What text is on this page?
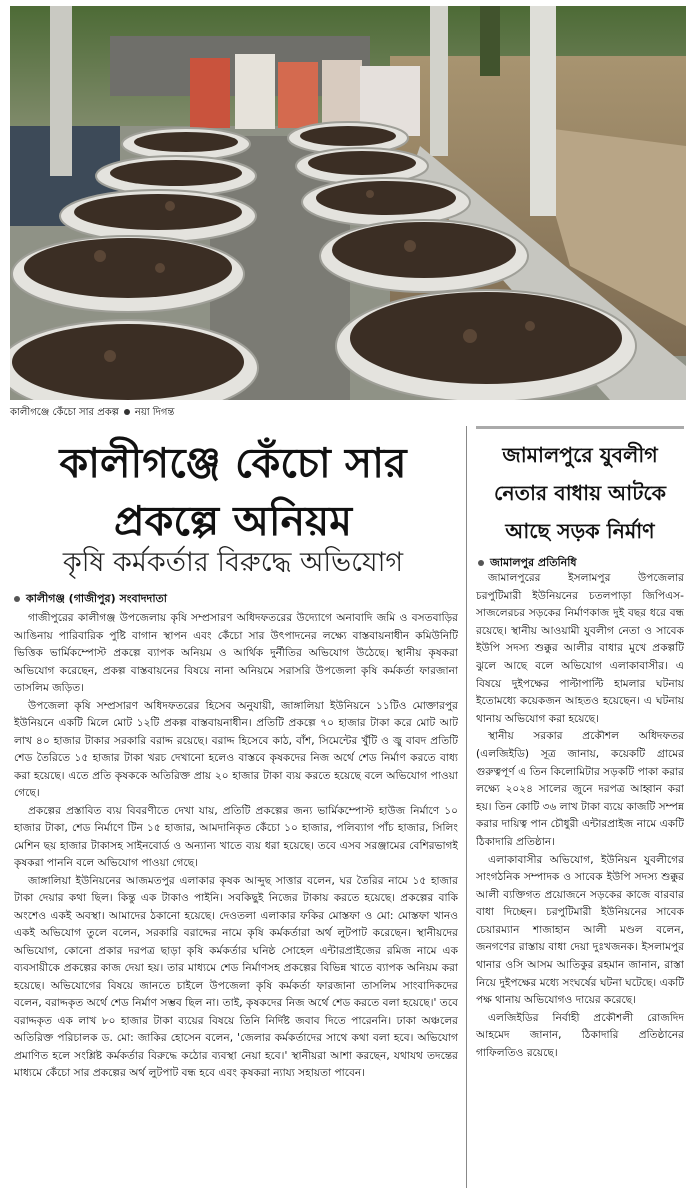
কালীগঞ্জে কেঁচো সার প্রকল্প নয়া দিগন্ত
কালীগঞ্জে কেঁচো সার
প্রকল্পে অনিয়ম
কৃষি কর্মকর্তার বিরুদ্ধে অভিযোগ
কালীগঞ্জ (গাজীপুর) সংবাদদাতা

গাজীপুরের কালীগঞ্জ উপজেলায় কৃষি সম্প্রসারণ অধিদফতরের উদ্যোগে অনাবাদি জমি ও বসতবাড়ির আঙিনায় পারিবারিক পুষ্টি বাগান স্থাপন এবং কেঁচো সার উৎপাদনের লক্ষ্যে বাস্তবায়নাধীন কমিউনিটি ভিত্তিক ভার্মিকম্পোস্ট প্রকল্পে ব্যাপক অনিয়ম ও আর্থিক দুর্নীতির অভিযোগ উঠেছে। স্থানীয় কৃষকরা অভিযোগ করেছেন, প্রকল্প বাস্তবায়নের বিষয়ে নানা অনিয়মে সরাসরি উপজেলা কৃষি কর্মকর্তা ফারজানা তাসলিম জড়িত।

উপজেলা কৃষি সম্প্রসারণ অধিদফতরের হিসেব অনুযায়ী, জাঙ্গালিয়া ইউনিয়নে ১১টিও মোক্তারপুর ইউনিয়নে একটি মিলে মোট ১২টি প্রকল্প বাস্তবায়নাধীন। প্রতিটি প্রকল্পে ৭০ হাজার টাকা করে মোট আট লাখ ৪০ হাজার টাকার সরকারি বরাদ্দ রয়েছে। বরাদ্দ হিসেবে কাঠ, বাঁশ, সিমেন্টের খুঁটি ও জ্বু বাবদ প্রতিটি শেড তৈরিতে ১৫ হাজার টাকা খরচ দেখানো হলেও বাস্তবে কৃষকদের নিজ অর্থে শেড নির্মাণ করতে বাধ্য করা হয়েছে। এতে প্রতি কৃষককে অতিরিক্ত প্রায় ২০ হাজার টাকা ব্যয় করতে হয়েছে বলে অভিযোগ পাওয়া গেছে।

প্রকল্পের প্রস্তাবিত ব্যয় বিবরণীতে দেখা যায়, প্রতিটি প্রকল্পের জন্য ভার্মিকম্পোস্ট হাউজ নির্মাণে ১০ হাজার টাকা, শেড নির্মাণে টিন ১৫ হাজার, আমদানিকৃত কেঁচো ১০ হাজার, পলিব্যাগ পাঁচ হাজার, সিলিং মেশিন ছয় হাজার টাকাসহ সাইনবোর্ড ও অন্যান্য খাতে ব্যয় ধরা হয়েছে। তবে এসব সরঞ্জামের বেশিরভাগই কৃষকরা পাননি বলে অভিযোগ পাওয়া গেছে।

জাঙ্গালিয়া ইউনিয়নের আজমতপুর এলাকার কৃষক আব্দুছ সাত্তার বলেন, ঘর তৈরির নামে ১৫ হাজার টাকা দেয়ার কথা ছিল। কিন্তু এক টাকাও পাইনি। সবকিছুই নিজের টাকায় করতে হয়েছে। প্রকল্পের বাকি অংশেও একই অবস্থা। আমাদের ঠকানো হয়েছে। দেওতলা এলাকার ফকির মোস্তফা ও মো: মোস্তফা খানও একই অভিযোগ তুলে বলেন, সরকারি বরাদ্দের নামে কৃষি কর্মকর্তারা অর্থ লুটপাট করেছেন। স্থানীয়দের অভিযোগ, কোনো প্রকার দরপত্র ছাড়া কৃষি কর্মকর্তার ঘনিষ্ঠ সোহেল এন্টারপ্রাইজের রমিজ নামে এক ব্যবসায়ীকে প্রকল্পের কাজ দেয়া হয়। তার মাধ্যমে শেড নির্মাণসহ প্রকল্পের বিভিন্ন খাতে ব্যাপক অনিয়ম করা হয়েছে। অভিযোগের বিষয়ে জানতে চাইলে উপজেলা কৃষি কর্মকর্তা ফারজানা তাসলিম সাংবাদিকদের বলেন, বরাদ্দকৃত অর্থে শেড নির্মাণ সম্ভব ছিল না। তাই, কৃষকদের নিজ অর্থে শেড করতে বলা হয়েছে।' তবে বরাদ্দকৃত এক লাখ ৮০ হাজার টাকা ব্যয়ের বিষয়ে তিনি নির্দিষ্ট জবাব দিতে পারেননি। ঢাকা অঞ্চলের অতিরিক্ত পরিচালক ড. মো: জাকির হোসেন বলেন, 'জেলার কর্মকর্তাদের সাথে কথা বলা হবে। অভিযোগ প্রমাণিত হলে সংশ্লিষ্ট কর্মকর্তার বিরুদ্ধে কঠোর ব্যবস্থা নেয়া হবে।' স্থানীয়রা আশা করছেন, যথাযথ তদন্তের মাধ্যমে কেঁচো সার প্রকল্পের অর্থ লুটপাট বন্ধ হবে এবং কৃষকরা ন্যায্য সহায়তা পাবেন।

জামালপুরে যুবলীগ
নেতার বাধায় আটকে
আছে সড়ক নির্মাণ
জামালপুর প্রতিনিধি

জামালপুরের ইসলামপুর উপজেলার চরপুটিমারী ইউনিয়নের চতলপাড়া জিপিএস-সাজলেরচর সড়কের নির্মাণকাজ দুই বছর ধরে বন্ধ রয়েছে। স্থানীয় আওয়ামী যুবলীগ নেতা ও সাবেক ইউপি সদস্য শুক্কুর আলীর বাধার মুখে প্রকল্পটি ঝুলে আছে বলে অভিযোগ এলাকাবাসীর। এ বিষয়ে দুইপক্ষের পাল্টাপাল্টি হামলার ঘটনায় ইতোমধ্যে কয়েকজন আহতও হয়েছেন। এ ঘটনায় থানায় অভিযোগ করা হয়েছে।

স্থানীয় সরকার প্রকৌশল অধিদফতর (এলজিইডি) সূত্র জানায়, কয়েকটি গ্রামের গুরুত্বপূর্ণ এ তিন কিলোমিটার সড়কটি পাকা করার লক্ষ্যে ২০২৪ সালের জুনে দরপত্র আহ্বান করা হয়। তিন কোটি ৩৬ লাখ টাকা ব্যয়ে কাজটি সম্পন্ন করার দায়িত্ব পান চৌধুরী এন্টারপ্রাইজ নামে একটি ঠিকাদারি প্রতিষ্ঠান।

এলাকাবাসীর অভিযোগ, ইউনিয়ন যুবলীগের সাংগঠনিক সম্পাদক ও সাবেক ইউপি সদস্য শুক্কুর আলী ব্যক্তিগত প্রয়োজনে সড়কের কাজে বারবার বাধা দিচ্ছেন। চরপুটিমারী ইউনিয়নের সাবেক চেয়ারম্যান শাজাহান আলী মণ্ডল বলেন, জনগণের রাস্তায় বাধা দেয়া দুঃখজনক। ইসলামপুর থানার ওসি আসম আতিকুর রহমান জানান, রাস্তা নিয়ে দুইপক্ষের মধ্যে সংঘর্ষের ঘটনা ঘটেছে। একটি পক্ষ থানায় অভিযোগও দায়ের করেছে।

এলজিইডির নির্বাহী প্রকৌশলী রোজদিদ আহমেদ জানান, ঠিকাদারি প্রতিষ্ঠানের গাফিলতিও রয়েছে।
